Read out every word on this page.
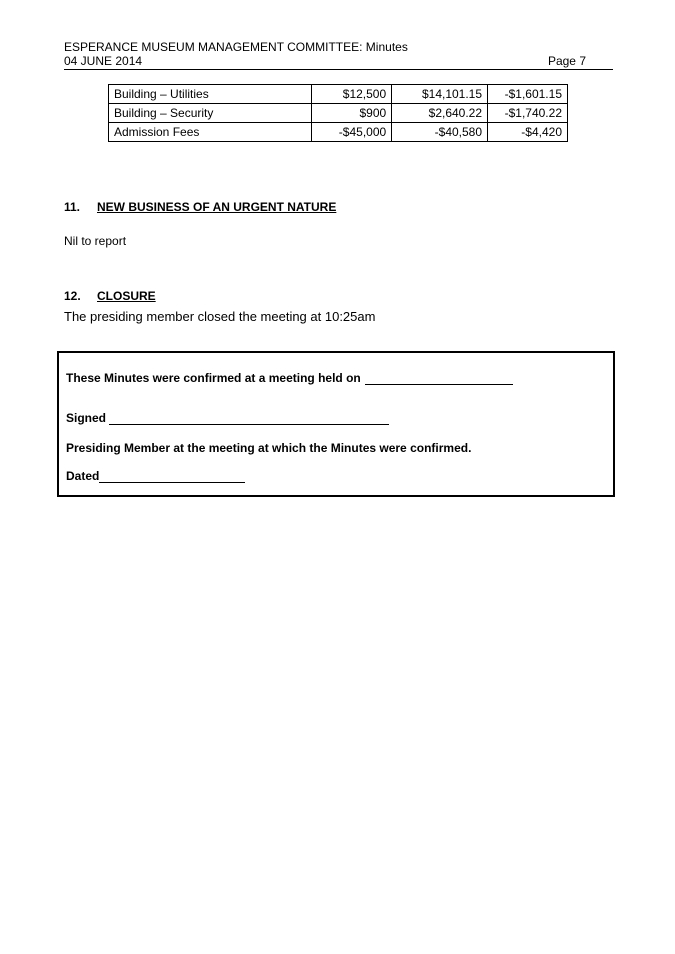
ESPERANCE MUSEUM MANAGEMENT COMMITTEE: Minutes
04 JUNE 2014	Page 7
Building – Utilities	$12,500	$14,101.15	-$1,601.15
Building – Security	$900	$2,640.22	-$1,740.22
Admission Fees	-$45,000	-$40,580	-$4,420
11. NEW BUSINESS OF AN URGENT NATURE
Nil to report
12. CLOSURE
The presiding member closed the meeting at 10:25am
These Minutes were confirmed at a meeting held on
Signed
Presiding Member at the meeting at which the Minutes were confirmed.
Dated
